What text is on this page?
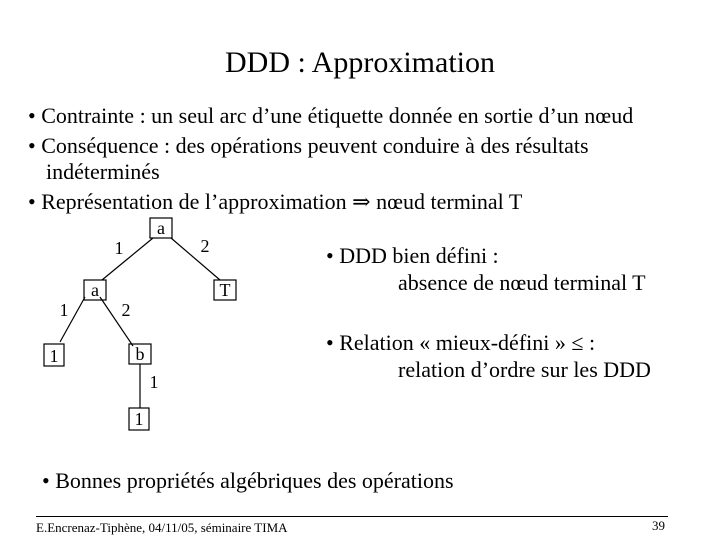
DDD : Approximation
• Contrainte : un seul arc d’une étiquette donnée en sortie d’un nœud
• Conséquence : des opérations peuvent conduire à des résultats
indéterminés
• Représentation de l’approximation ⇒ nœud terminal T
a
a	T
b
1
1
1	2
1	2
1
• DDD bien défini :
absence de nœud terminal T
• Relation « mieux-défini » ≤ :
relation d’ordre sur les DDD
• Bonnes propriétés algébriques des opérations
E.Encrenaz-Tiphène, 04/11/05, séminaire TIMA	39
